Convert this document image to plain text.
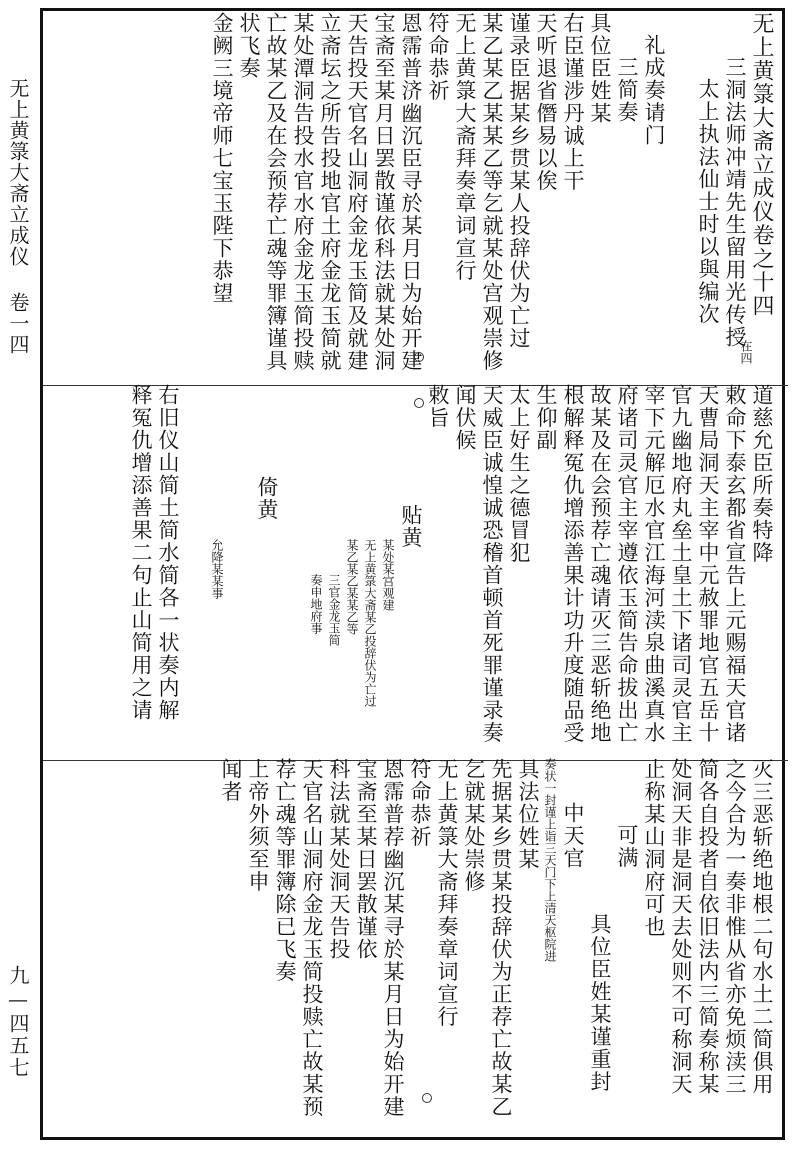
无上黄箓大斋立成仪 卷一四
九—四五七
在四
无上黄箓大斋立成仪卷之十四
三洞法师冲靖先生留用光传授
太上执法仙士时以與编次
礼成奏请门
三简奏
具位臣姓某
右臣谨涉丹诚上干
天听退省僭易以俟
谨录臣据某乡贯某人投辞伏为亡过
某乙某乙某某乙等乞就某处宫观崇修
无上黄箓大斋拜奏章词宣行
符命恭祈
恩霈普济幽沉臣寻於某月日为始开建
宝斋至某月日罢散谨依科法就某处洞
天告投天官名山洞府金龙玉简及就建
立斋坛之所告投地官土府金龙玉简就
某处潭洞告投水官水府金龙玉简投赎
亡故某乙及在会预荐亡魂等罪簿谨具
状飞奏
金阙三境帝师七宝玉陛下恭望
道慈允臣所奏特降
敕命下泰玄都省宣告上元赐福天官诸
天曹局洞天主宰中元赦罪地官五岳十
官九幽地府丸垒土皇土下诸司灵官主
宰下元解厄水官江海河渎泉曲溪真水
府诸司灵官主宰遵依玉简告命拔出亡
故某及在会预荐亡魂请灭三恶斩绝地
根解释冤仇增添善果计功升度随品受
生仰副
太上好生之德冒犯
天威臣诚惶诚恐稽首顿首死罪谨录奏
闻伏候
敕旨
贴黄
某处某宫观建
无上黄箓大斋某乙投辞伏为亡过
某乙某乙某某乙等
三官金龙玉简
奏申地府事
倚黄
允降某某事
右旧仪山简土简水简各一状奏内解
释冤仇增添善果二句止山简用之请
灭三恶斩绝地根二句水土二简俱用
之今合为一奏非惟从省亦免烦渎三
简各自投者自依旧法内三简奏称某
处洞天非是洞天去处则不可称洞天
止称某山洞府可也
可满
具位臣姓某谨重封
中天官
奏状一封谨上诣三天门下上清天枢院进
具法位姓某
先据某乡贯某投辞伏为正荐亡故某乙
乞就某处崇修
无上黄箓大斋拜奏章词宣行
符命恭祈
恩霈普荐幽沉某寻於某月日为始开建
宝斋至某日罢散谨依
科法就某处洞天告投
天官名山洞府金龙玉简投赎亡故某预
荐亡魂等罪簿除已飞奏
上帝外须至申
闻者
